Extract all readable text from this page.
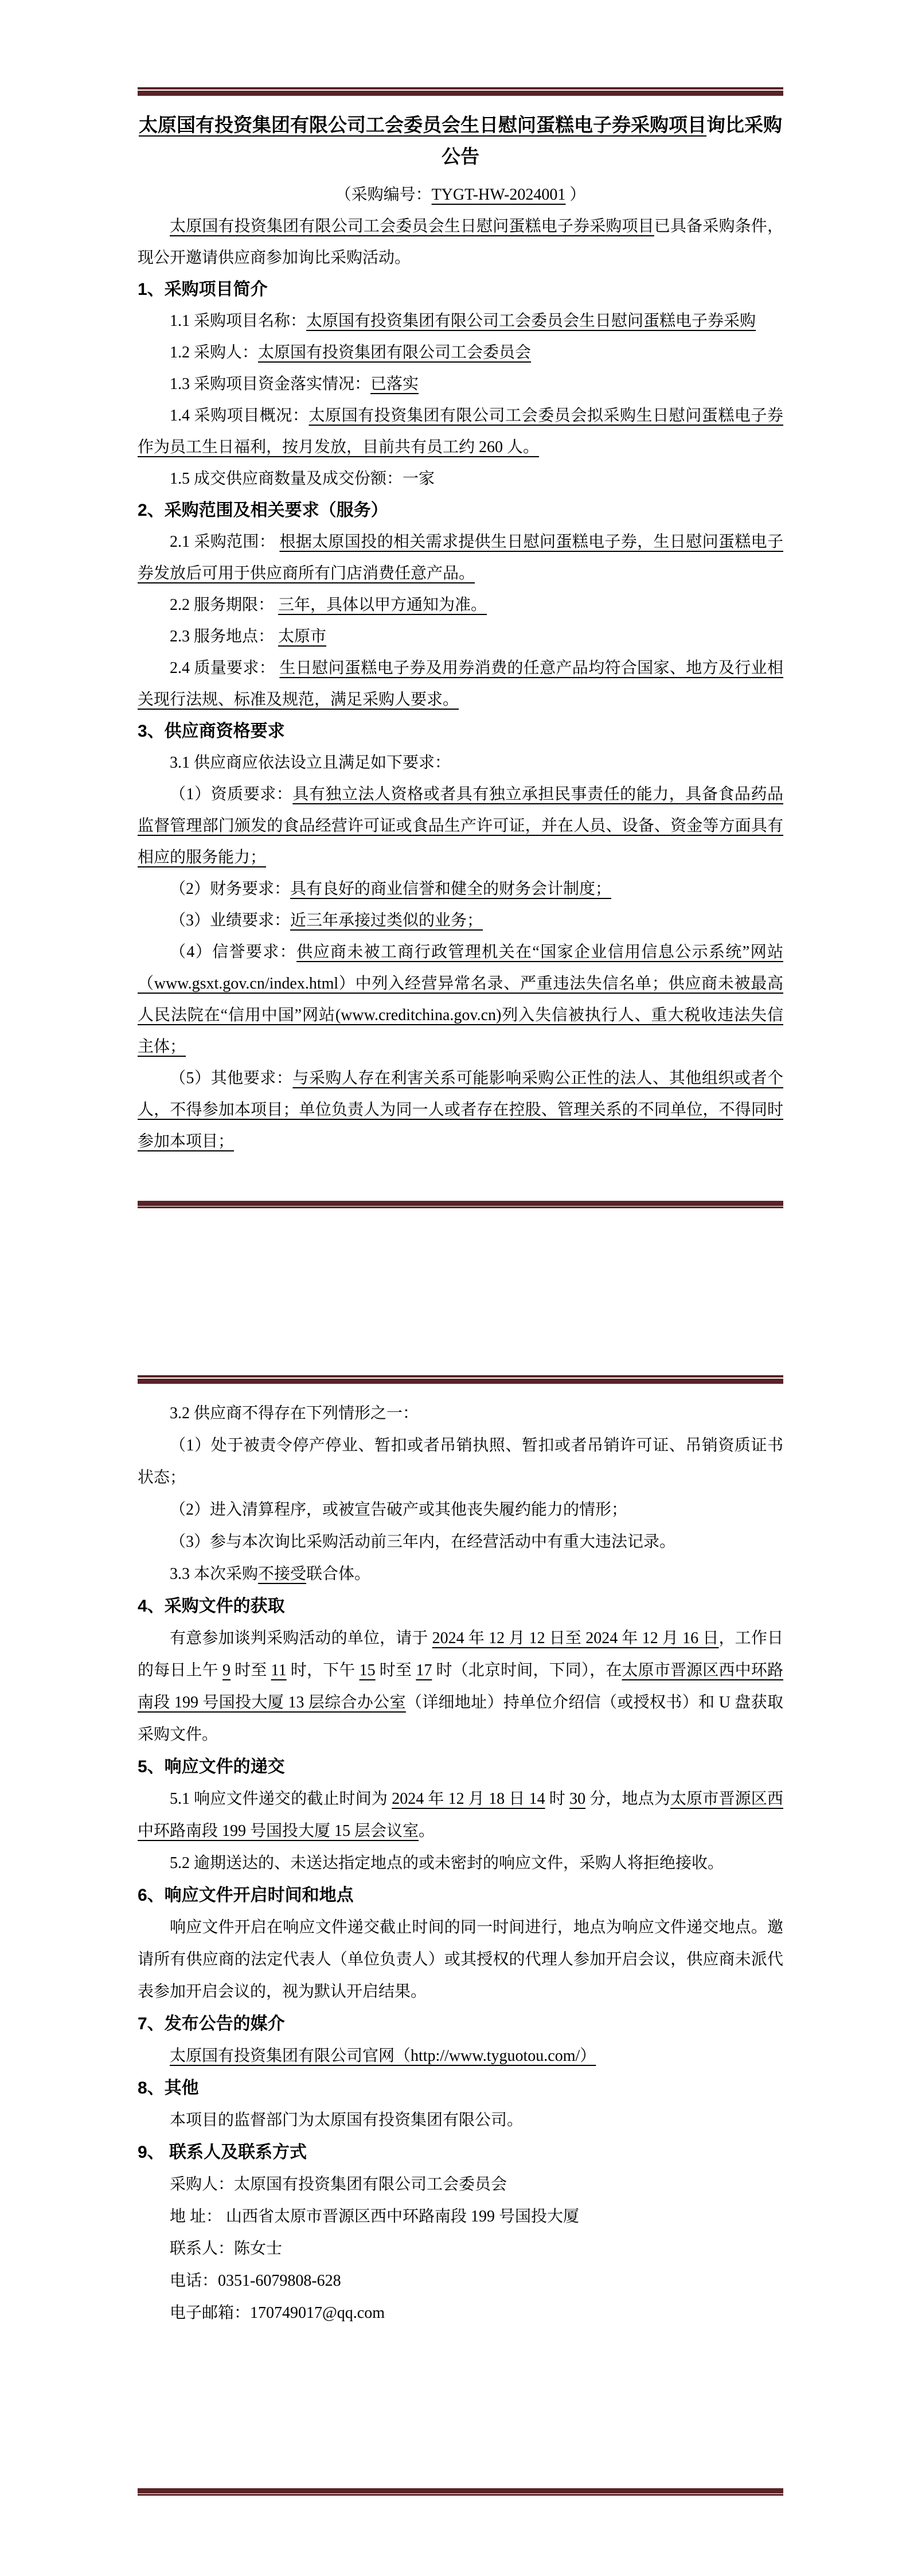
太原国有投资集团有限公司工会委员会生日慰问蛋糕电子券采购项目询比采购

公告

（采购编号：TYGT-HW-2024001 ）

太原国有投资集团有限公司工会委员会生日慰问蛋糕电子券采购项目已具备采购条件，现公开邀请供应商参加询比采购活动。

1、采购项目简介

1.1 采购项目名称：太原国有投资集团有限公司工会委员会生日慰问蛋糕电子券采购

1.2 采购人：太原国有投资集团有限公司工会委员会

1.3 采购项目资金落实情况：已落实

1.4 采购项目概况：太原国有投资集团有限公司工会委员会拟采购生日慰问蛋糕电子券作为员工生日福利，按月发放，目前共有员工约 260 人。

1.5 成交供应商数量及成交份额：一家

2、采购范围及相关要求（服务）

2.1 采购范围： 根据太原国投的相关需求提供生日慰问蛋糕电子券，生日慰问蛋糕电子券发放后可用于供应商所有门店消费任意产品。

2.2 服务期限： 三年，具体以甲方通知为准。

2.3 服务地点： 太原市

2.4 质量要求： 生日慰问蛋糕电子券及用券消费的任意产品均符合国家、地方及行业相关现行法规、标准及规范，满足采购人要求。

3、供应商资格要求

3.1 供应商应依法设立且满足如下要求：

（1）资质要求：具有独立法人资格或者具有独立承担民事责任的能力，具备食品药品监督管理部门颁发的食品经营许可证或食品生产许可证，并在人员、设备、资金等方面具有相应的服务能力；

（2）财务要求：具有良好的商业信誉和健全的财务会计制度；

（3）业绩要求：近三年承接过类似的业务；

（4）信誉要求：供应商未被工商行政管理机关在“国家企业信用信息公示系统”网站（www.gsxt.gov.cn/index.html）中列入经营异常名录、严重违法失信名单；供应商未被最高人民法院在“信用中国”网站(www.creditchina.gov.cn)列入失信被执行人、重大税收违法失信主体；

（5）其他要求：与采购人存在利害关系可能影响采购公正性的法人、其他组织或者个人，不得参加本项目；单位负责人为同一人或者存在控股、管理关系的不同单位，不得同时参加本项目；

3.2 供应商不得存在下列情形之一：

（1）处于被责令停产停业、暂扣或者吊销执照、暂扣或者吊销许可证、吊销资质证书状态；

（2）进入清算程序，或被宣告破产或其他丧失履约能力的情形；

（3）参与本次询比采购活动前三年内，在经营活动中有重大违法记录。

3.3 本次采购不接受联合体。

4、采购文件的获取

有意参加谈判采购活动的单位，请于 2024 年 12 月 12 日至 2024 年 12 月 16 日，工作日的每日上午 9 时至 11 时，下午 15 时至 17 时（北京时间，下同），在太原市晋源区西中环路南段 199 号国投大厦 13 层综合办公室（详细地址）持单位介绍信（或授权书）和 U 盘获取采购文件。

5、响应文件的递交

5.1 响应文件递交的截止时间为 2024 年 12 月 18 日 14 时 30 分，地点为太原市晋源区西中环路南段 199 号国投大厦 15 层会议室。

5.2 逾期送达的、未送达指定地点的或未密封的响应文件，采购人将拒绝接收。

6、响应文件开启时间和地点

响应文件开启在响应文件递交截止时间的同一时间进行，地点为响应文件递交地点。邀请所有供应商的法定代表人（单位负责人）或其授权的代理人参加开启会议，供应商未派代表参加开启会议的，视为默认开启结果。

7、发布公告的媒介

太原国有投资集团有限公司官网（http://www.tyguotou.com/）

8、其他

本项目的监督部门为太原国有投资集团有限公司。

9、 联系人及联系方式

采购人：太原国有投资集团有限公司工会委员会

地 址： 山西省太原市晋源区西中环路南段 199 号国投大厦

联系人：陈女士

电话：0351-6079808-628

电子邮箱：170749017@qq.com
